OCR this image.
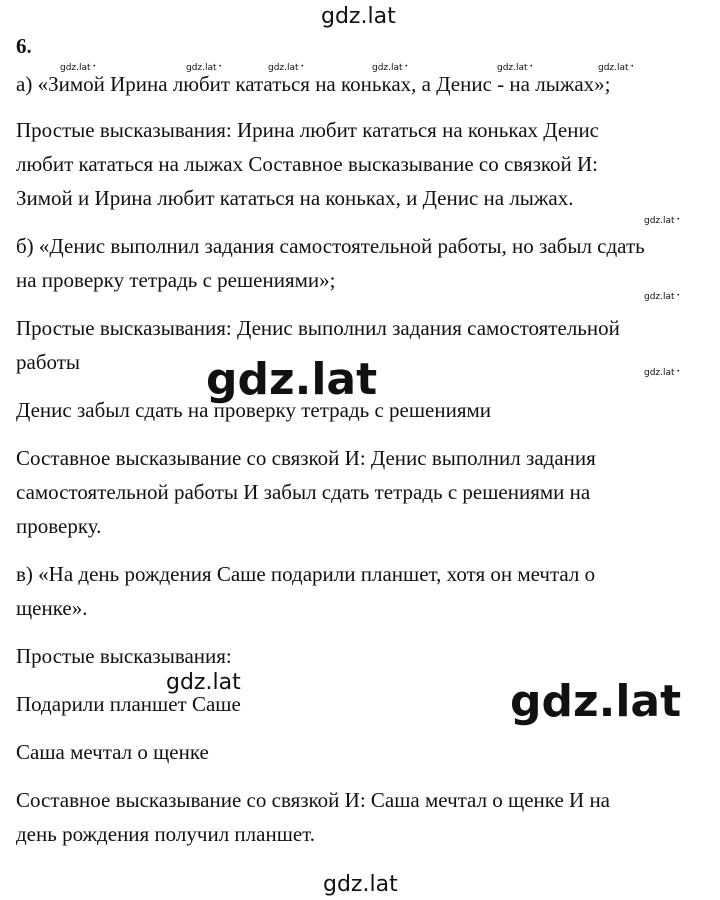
gdz.lat
gdz.lat
gdz.lat
gdz.lat
gdz.lat
gdz.lat •	gdz.lat •	gdz.lat •	gdz.lat •	gdz.lat •	gdz.lat •
gdz.lat •
gdz.lat •
gdz.lat •
6.
а) «Зимой Ирина любит кататься на коньках, а Денис - на лыжах»;
Простые высказывания: Ирина любит кататься на коньках Денис
любит кататься на лыжах Составное высказывание со связкой И:
Зимой и Ирина любит кататься на коньках, и Денис на лыжах.
б) «Денис выполнил задания самостоятельной работы, но забыл сдать
на проверку тетрадь с решениями»;
Простые высказывания: Денис выполнил задания самостоятельной
работы
Денис забыл сдать на проверку тетрадь с решениями
Составное высказывание со связкой И: Денис выполнил задания
самостоятельной работы И забыл сдать тетрадь с решениями на
проверку.
в) «На день рождения Саше подарили планшет, хотя он мечтал о
щенке».
Простые высказывания:
Подарили планшет Саше
Саша мечтал о щенке
Составное высказывание со связкой И: Саша мечтал о щенке И на
день рождения получил планшет.
